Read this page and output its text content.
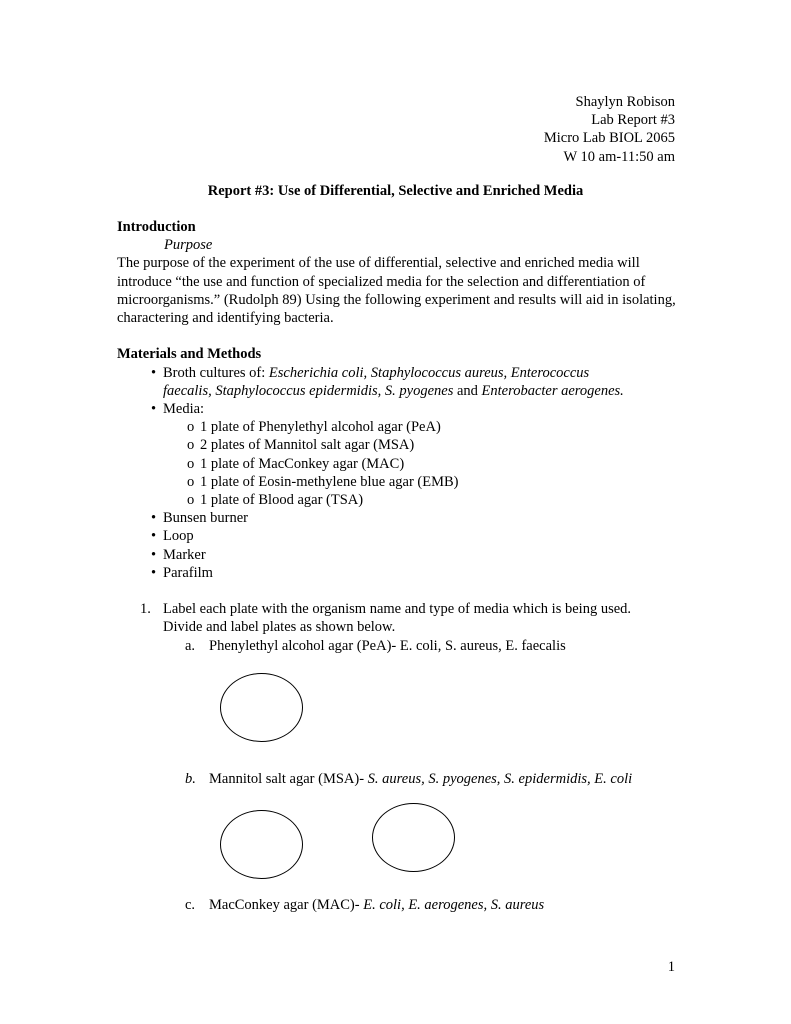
Shaylyn Robison
Lab Report #3
Micro Lab BIOL 2065
W 10 am-11:50 am
Report #3: Use of Differential, Selective and Enriched Media
Introduction
Purpose

The purpose of the experiment of the use of differential, selective and enriched media will introduce “the use and function of specialized media for the selection and differentiation of microorganisms.” (Rudolph 89) Using the following experiment and results will aid in isolating, charactering and identifying bacteria.

Materials and Methods
• Broth cultures of: Escherichia coli, Staphylococcus aureus, Enterococcus
faecalis, Staphylococcus epidermidis, S. pyogenes and Enterobacter aerogenes.
• Media:
o 1 plate of Phenylethyl alcohol agar (PeA)
o 2 plates of Mannitol salt agar (MSA)
o 1 plate of MacConkey agar (MAC)
o 1 plate of Eosin-methylene blue agar (EMB)
o 1 plate of Blood agar (TSA)
• Bunsen burner
• Loop
• Marker
• Parafilm
1. Label each plate with the organism name and type of media which is being used.
Divide and label plates as shown below.
a. Phenylethyl alcohol agar (PeA)- E. coli, S. aureus, E. faecalis
b. Mannitol salt agar (MSA)- S. aureus, S. pyogenes, S. epidermidis, E. coli
c. MacConkey agar (MAC)- E. coli, E. aerogenes, S. aureus
1
